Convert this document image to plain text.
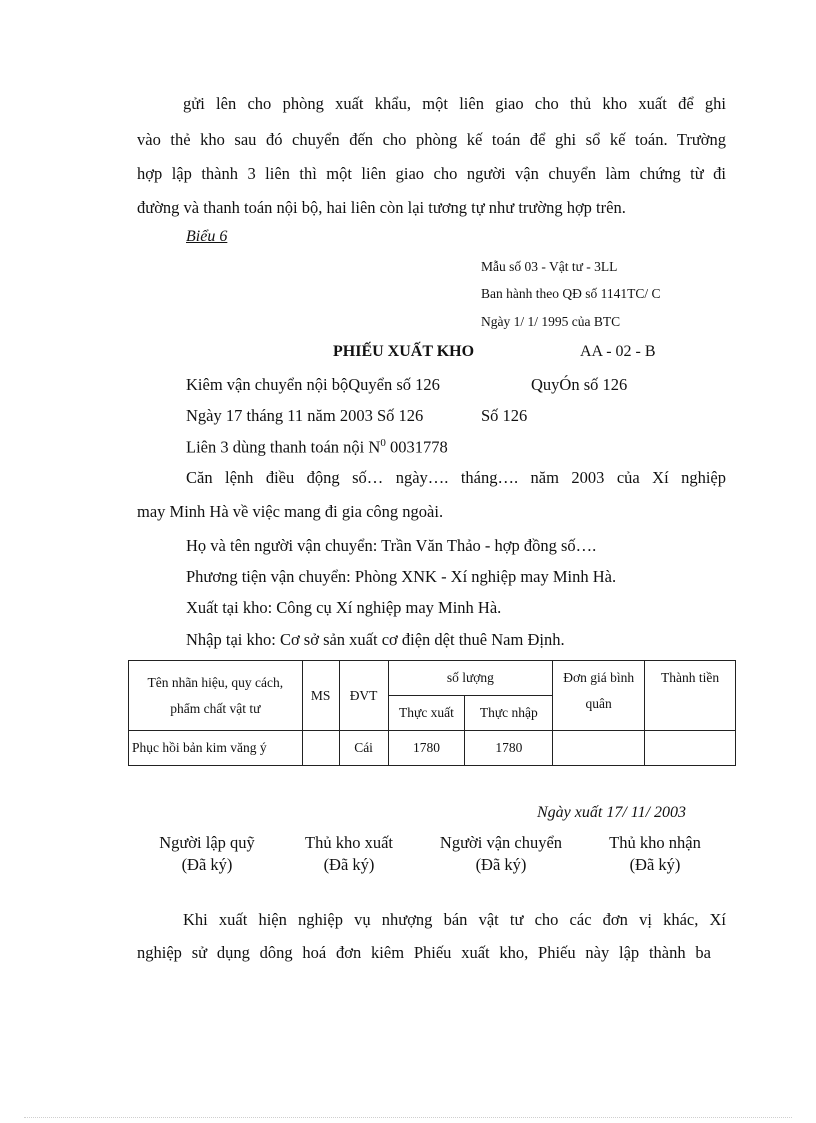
gửi lên cho phòng xuất khẩu, một liên giao cho thủ kho xuất để ghi
vào thẻ kho sau đó chuyển đến cho phòng kế toán để ghi sổ kế toán. Trường
hợp lập thành 3 liên thì một liên giao cho người vận chuyển làm chứng từ đi
đường và thanh toán nội bộ, hai liên còn lại tương tự như trường hợp trên.
Biểu 6
Mẫu số 03 - Vật tư - 3LL
Ban hành theo QĐ số 1141TC/ C
Ngày 1/ 1/ 1995 của BTC
PHIẾU XUẤT KHO	AA - 02 - B
Kiêm vận chuyển nội bộQuyển số 126	QuyÓn số 126
Ngày 17 tháng 11 năm 2003 Số 126	Số 126
Liên 3 dùng thanh toán nội $N^0$ 0031778
Căn lệnh điều động số… ngày…. tháng…. năm 2003 của Xí nghiệp
may Minh Hà về việc mang đi gia công ngoài.
Họ và tên người vận chuyển: Trần Văn Thảo - hợp đồng số….
Phương tiện vận chuyển: Phòng XNK - Xí nghiệp may Minh Hà.
Xuất tại kho: Công cụ Xí nghiệp may Minh Hà.
Nhập tại kho: Cơ sở sản xuất cơ điện dệt thuê Nam Định.
Tên nhãn hiệu, quy cách, phẩm chất vật tư	MS	ĐVT	số lượng		Đơn giá bình quân	Thành tiền
			Thực xuất	Thực nhập		
Phục hồi bản kim văng ý		Cái	1780	1780		
Ngày xuất 17/ 11/ 2003
Người lập quỹ
(Đã ký)
Thủ kho xuất
(Đã ký)
Người vận chuyển
(Đã ký)
Thủ kho nhận
(Đã ký)
Khi xuất hiện nghiệp vụ nhượng bán vật tư cho các đơn vị khác, Xí
nghiệp sử dụng dông hoá đơn kiêm Phiếu xuất kho, Phiếu này lập thành ba
